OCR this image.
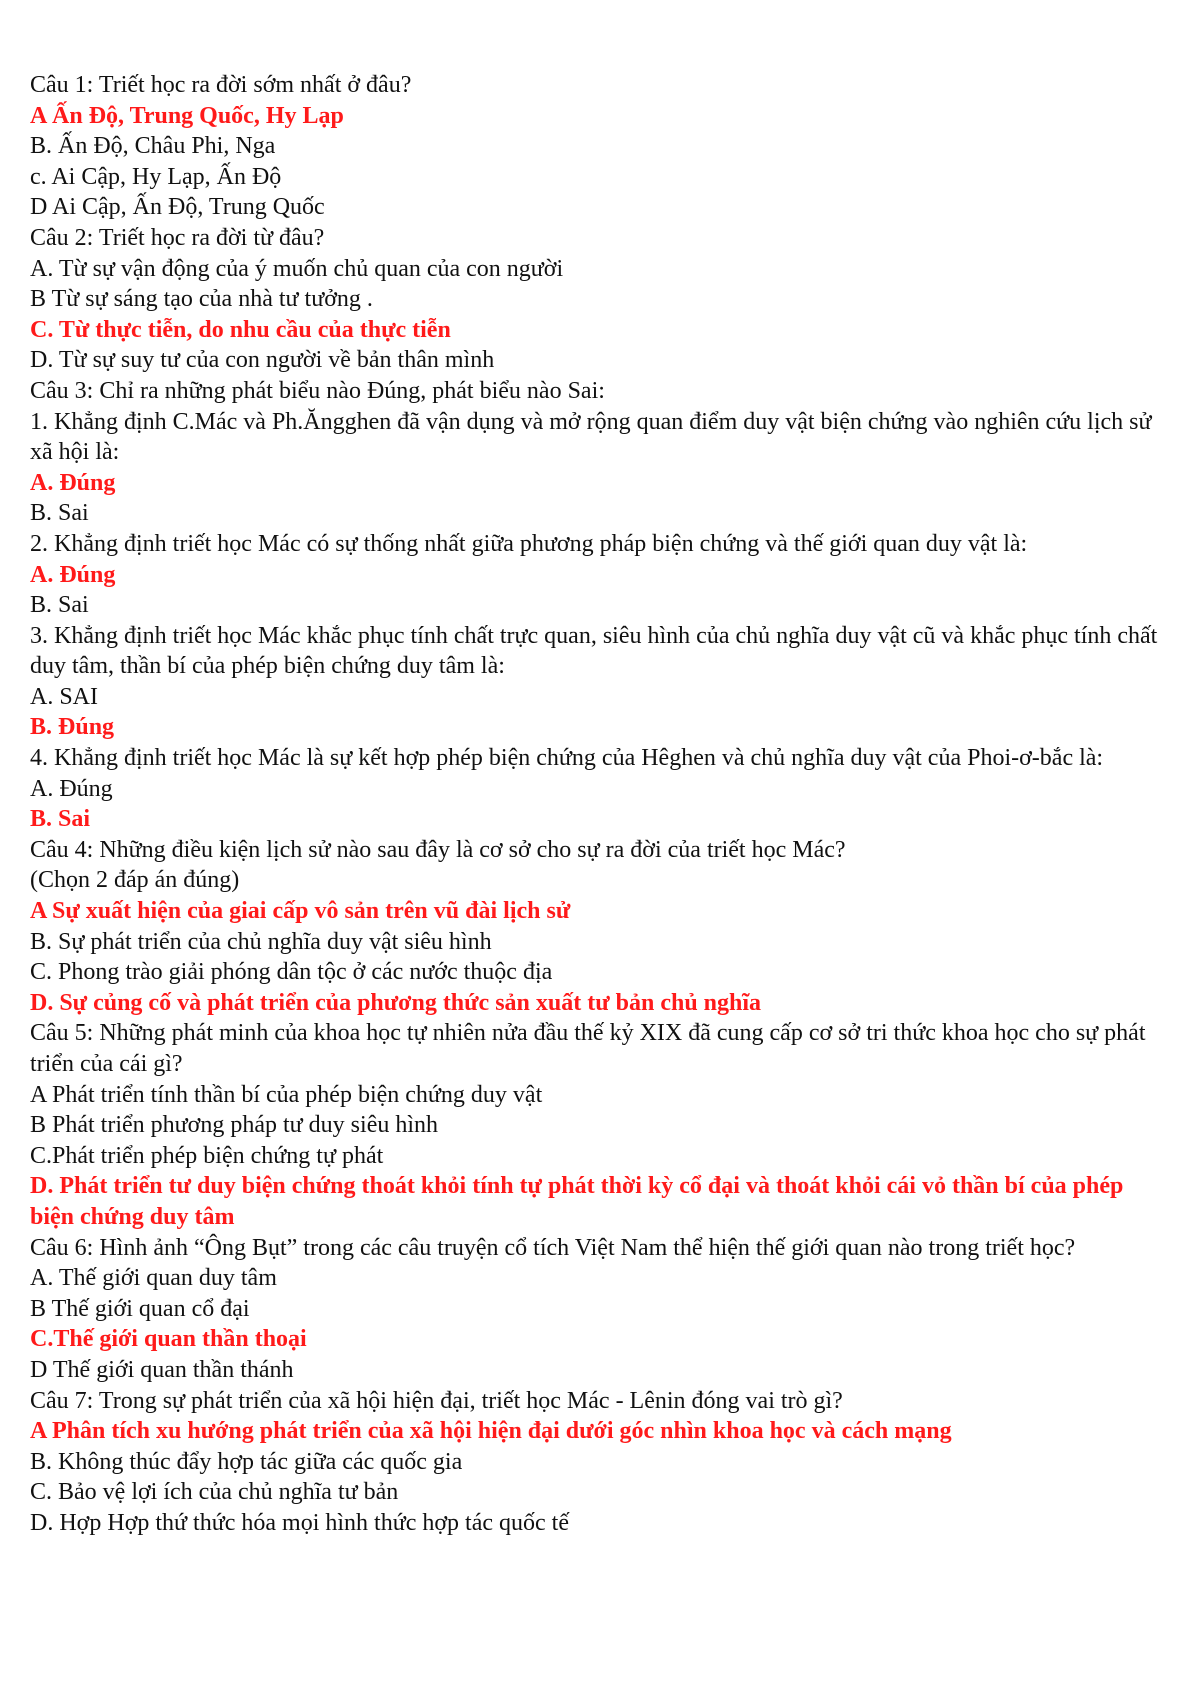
Câu 1: Triết học ra đời sớm nhất ở đâu?

A Ấn Độ, Trung Quốc, Hy Lạp

B. Ấn Độ, Châu Phi, Nga

c. Ai Cập, Hy Lạp, Ấn Độ

D Ai Cập, Ấn Độ, Trung Quốc

Câu 2: Triết học ra đời từ đâu?

A. Từ sự vận động của ý muốn chủ quan của con người

B Từ sự sáng tạo của nhà tư tưởng .

C. Từ thực tiễn, do nhu cầu của thực tiễn

D. Từ sự suy tư của con người về bản thân mình

Câu 3: Chỉ ra những phát biểu nào Đúng, phát biểu nào Sai:

1. Khẳng định C.Mác và Ph.Ăngghen đã vận dụng và mở rộng quan điểm duy vật biện chứng vào nghiên cứu lịch sử xã hội là:

A. Đúng

B. Sai

2. Khẳng định triết học Mác có sự thống nhất giữa phương pháp biện chứng và thế giới quan duy vật là:

A. Đúng

B. Sai

3. Khẳng định triết học Mác khắc phục tính chất trực quan, siêu hình của chủ nghĩa duy vật cũ và khắc phục tính chất duy tâm, thần bí của phép biện chứng duy tâm là:

A. SAI

B. Đúng

4. Khẳng định triết học Mác là sự kết hợp phép biện chứng của Hêghen và chủ nghĩa duy vật của Phoi-ơ-bắc là:

A. Đúng

B. Sai

Câu 4: Những điều kiện lịch sử nào sau đây là cơ sở cho sự ra đời của triết học Mác?

(Chọn 2 đáp án đúng)

A Sự xuất hiện của giai cấp vô sản trên vũ đài lịch sử

B. Sự phát triển của chủ nghĩa duy vật siêu hình

C. Phong trào giải phóng dân tộc ở các nước thuộc địa

D. Sự củng cố và phát triển của phương thức sản xuất tư bản chủ nghĩa

Câu 5: Những phát minh của khoa học tự nhiên nửa đầu thế kỷ XIX đã cung cấp cơ sở tri thức khoa học cho sự phát triển của cái gì?

A Phát triển tính thần bí của phép biện chứng duy vật

B Phát triển phương pháp tư duy siêu hình

C.Phát triển phép biện chứng tự phát

D. Phát triển tư duy biện chứng thoát khỏi tính tự phát thời kỳ cổ đại và thoát khỏi cái vỏ thần bí của phép biện chứng duy tâm

Câu 6: Hình ảnh “Ông Bụt” trong các câu truyện cổ tích Việt Nam thể hiện thế giới quan nào trong triết học?

A. Thế giới quan duy tâm

B Thế giới quan cổ đại

C.Thế giới quan thần thoại

D Thế giới quan thần thánh

Câu 7: Trong sự phát triển của xã hội hiện đại, triết học Mác - Lênin đóng vai trò gì?

A Phân tích xu hướng phát triển của xã hội hiện đại dưới góc nhìn khoa học và cách mạng

B. Không thúc đẩy hợp tác giữa các quốc gia

C. Bảo vệ lợi ích của chủ nghĩa tư bản

D. Hợp Hợp thứ thức hóa mọi hình thức hợp tác quốc tế
